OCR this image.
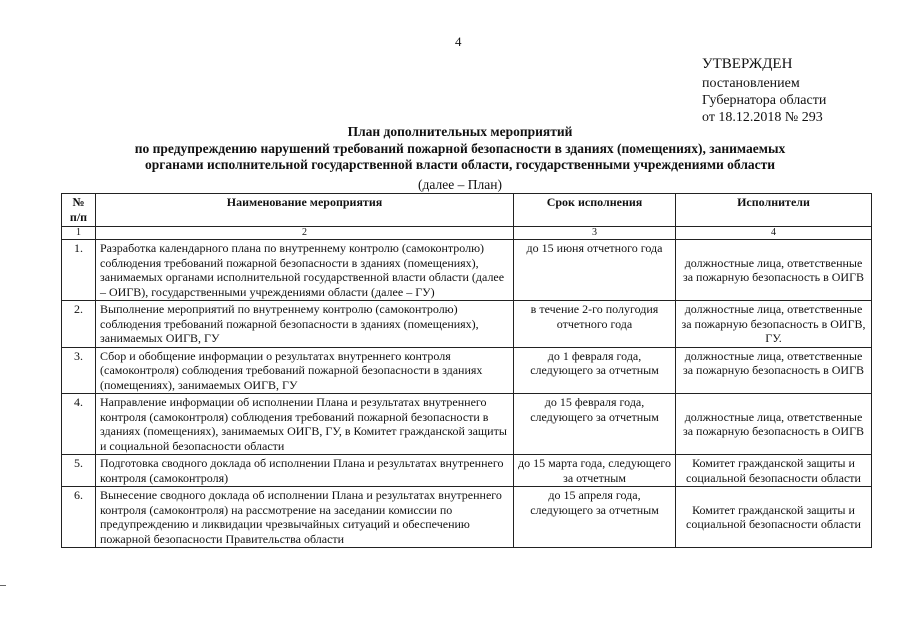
4
УТВЕРЖДЕН
постановлением
Губернатора области
от 18.12.2018 № 293
План дополнительных мероприятий
по предупреждению нарушений требований пожарной безопасности в зданиях (помещениях), занимаемых
органами исполнительной государственной власти области, государственными учреждениями области
(далее – План)
№ п/п	Наименование мероприятия	Срок исполнения	Исполнители
1	2	3	4
1.	Разработка календарного плана по внутреннему контролю (самоконтролю) соблюдения требований пожарной безопасности в зданиях (помещениях), занимаемых органами исполнительной государственной власти области (далее – ОИГВ), государственными учреждениями области (далее – ГУ)	до 15 июня отчетного года	должностные лица, ответственные за пожарную безопасность в ОИГВ
2.	Выполнение мероприятий по внутреннему контролю (самоконтролю) соблюдения требований пожарной безопасности в зданиях (помещениях), занимаемых ОИГВ, ГУ	в течение 2-го полугодия отчетного года	должностные лица, ответственные за пожарную безопасность в ОИГВ, ГУ.
3.	Сбор и обобщение информации о результатах внутреннего контроля (самоконтроля) соблюдения требований пожарной безопасности в зданиях (помещениях), занимаемых ОИГВ, ГУ	до 1 февраля года, следующего за отчетным	должностные лица, ответственные за пожарную безопасность в ОИГВ
4.	Направление информации об исполнении Плана и результатах внутреннего контроля (самоконтроля) соблюдения требований пожарной безопасности в зданиях (помещениях), занимаемых ОИГВ, ГУ, в Комитет гражданской защиты и социальной безопасности области	до 15 февраля года, следующего за отчетным	должностные лица, ответственные за пожарную безопасность в ОИГВ
5.	Подготовка сводного доклада об исполнении Плана и результатах внутреннего контроля (самоконтроля)	до 15 марта года, следующего за отчетным	Комитет гражданской защиты и социальной безопасности области
6.	Вынесение сводного доклада об исполнении Плана и результатах внутреннего контроля (самоконтроля) на рассмотрение на заседании комиссии по предупреждению и ликвидации чрезвычайных ситуаций и обеспечению пожарной безопасности Правительства области	до 15 апреля года, следующего за отчетным	Комитет гражданской защиты и социальной безопасности области
